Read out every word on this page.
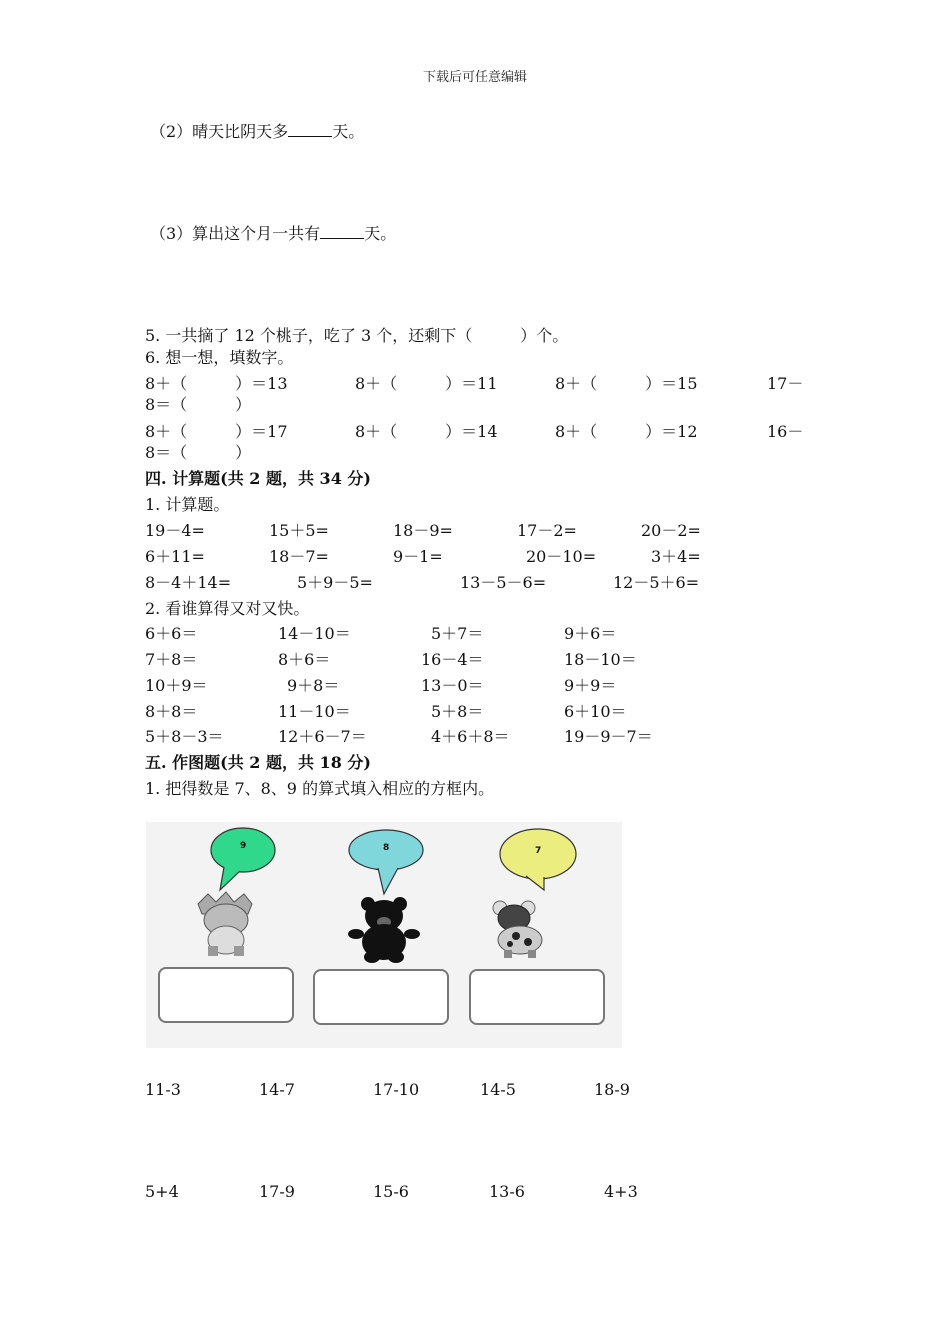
下载后可任意编辑
（2）晴天比阴天多	天。
（3）算出这个月一共有	天。
5. 一共摘了 12 个桃子，吃了 3 个，还剩下（　　　）个。
6. 想一想，填数字。
8＋（　　　）＝13	8＋（　　　）＝11	8＋（　　　）＝15	17－
8＝（　　　）
8＋（　　　）＝17	8＋（　　　）＝14	8＋（　　　）＝12	16－
8＝（　　　）
四. 计算题(共 2 题，共 34 分)
1. 计算题。
19－4=	15＋5=	18－9=	17－2=	20－2=
6＋11=	18－7=	9－1=	20－10=	3＋4=
8－4＋14=	5＋9－5=	13－5－6=	12－5＋6=
2. 看谁算得又对又快。
6＋6＝	14－10＝	5＋7＝	9＋6＝
7＋8＝	8＋6＝	16－4＝	18－10＝
10＋9＝	9＋8＝	13－0＝	9＋9＝
8＋8＝	11－10＝	5＋8＝	6＋10＝
5＋8－3＝	12＋6－7＝	4＋6＋8＝	19－9－7＝
五. 作图题(共 2 题，共 18 分)
1. 把得数是 7、8、9 的算式填入相应的方框内。
9	8	7
11-3	14-7	17-10	14-5	18-9
5+4	17-9	15-6	13-6	4+3
